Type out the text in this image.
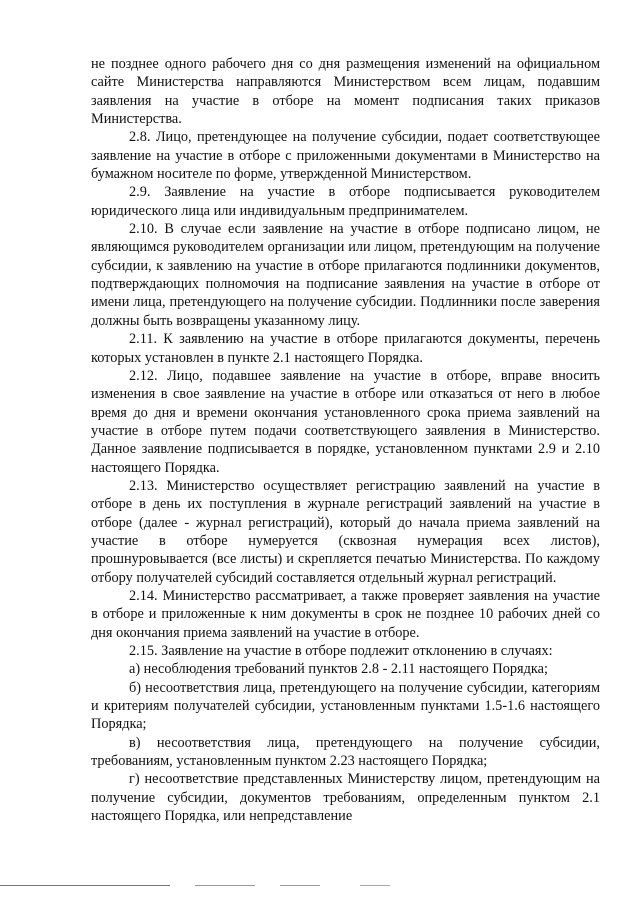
не позднее одного рабочего дня со дня размещения изменений на официальном сайте Министерства направляются Министерством всем лицам, подавшим заявления на участие в отборе на момент подписания таких приказов Министерства.

2.8. Лицо, претендующее на получение субсидии, подает соответствующее заявление на участие в отборе с приложенными документами в Министерство на бумажном носителе по форме, утвержденной Министерством.

2.9. Заявление на участие в отборе подписывается руководителем юридического лица или индивидуальным предпринимателем.

2.10. В случае если заявление на участие в отборе подписано лицом, не являющимся руководителем организации или лицом, претендующим на получение субсидии, к заявлению на участие в отборе прилагаются подлинники документов, подтверждающих полномочия на подписание заявления на участие в отборе от имени лица, претендующего на получение субсидии. Подлинники после заверения должны быть возвращены указанному лицу.

2.11. К заявлению на участие в отборе прилагаются документы, перечень которых установлен в пункте 2.1 настоящего Порядка.

2.12. Лицо, подавшее заявление на участие в отборе, вправе вносить изменения в свое заявление на участие в отборе или отказаться от него в любое время до дня и времени окончания установленного срока приема заявлений на участие в отборе путем подачи соответствующего заявления в Министерство. Данное заявление подписывается в порядке, установленном пунктами 2.9 и 2.10 настоящего Порядка.

2.13. Министерство осуществляет регистрацию заявлений на участие в отборе в день их поступления в журнале регистраций заявлений на участие в отборе (далее - журнал регистраций), который до начала приема заявлений на участие в отборе нумеруется (сквозная нумерация всех листов), прошнуровывается (все листы) и скрепляется печатью Министерства. По каждому отбору получателей субсидий составляется отдельный журнал регистраций.

2.14. Министерство рассматривает, а также проверяет заявления на участие в отборе и приложенные к ним документы в срок не позднее 10 рабочих дней со дня окончания приема заявлений на участие в отборе.

2.15. Заявление на участие в отборе подлежит отклонению в случаях:

а) несоблюдения требований пунктов 2.8 - 2.11 настоящего Порядка;

б) несоответствия лица, претендующего на получение субсидии, категориям и критериям получателей субсидии, установленным пунктами 1.5-1.6 настоящего Порядка;

в) несоответствия лица, претендующего на получение субсидии, требованиям, установленным пунктом 2.23 настоящего Порядка;

г) несоответствие представленных Министерству лицом, претендующим на получение субсидии, документов требованиям, определенным пунктом 2.1 настоящего Порядка, или непредставление
